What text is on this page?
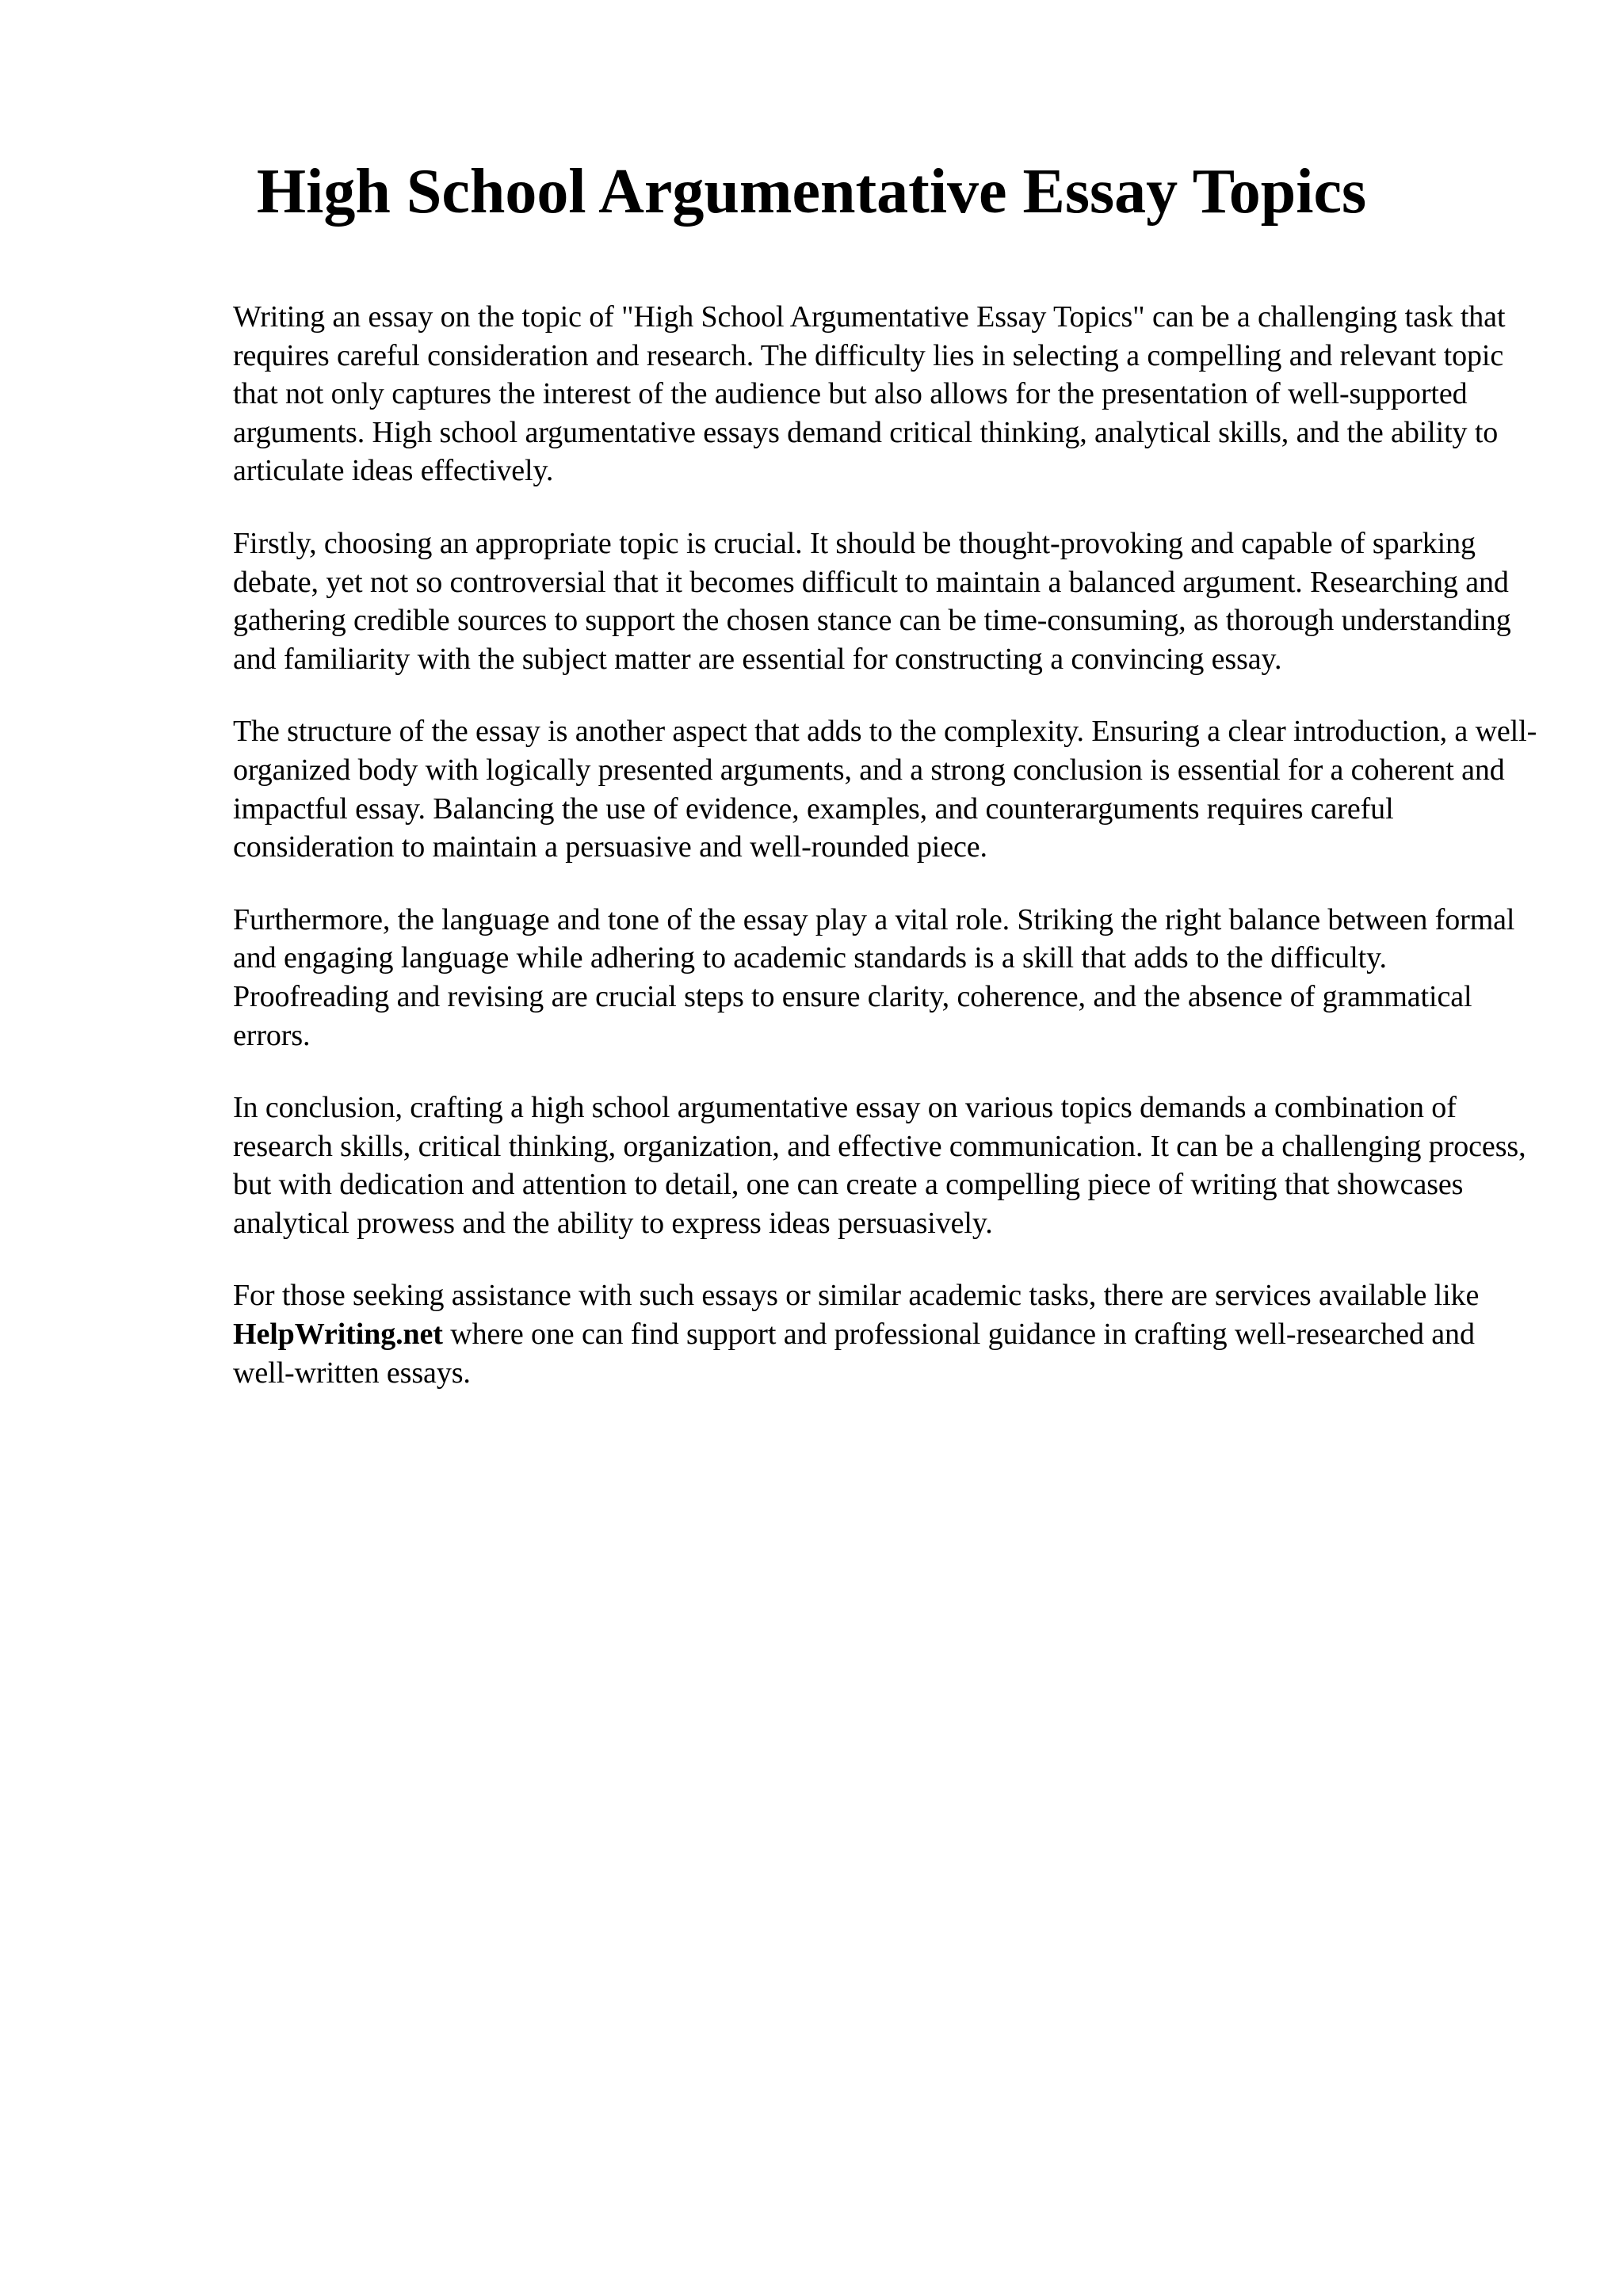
High School Argumentative Essay Topics

Writing an essay on the topic of "High School Argumentative Essay Topics" can be a challenging task that requires careful consideration and research. The difficulty lies in selecting a compelling and relevant topic that not only captures the interest of the audience but also allows for the presentation of well-supported arguments. High school argumentative essays demand critical thinking, analytical skills, and the ability to articulate ideas effectively.

Firstly, choosing an appropriate topic is crucial. It should be thought-provoking and capable of sparking debate, yet not so controversial that it becomes difficult to maintain a balanced argument. Researching and gathering credible sources to support the chosen stance can be time-consuming, as thorough understanding and familiarity with the subject matter are essential for constructing a convincing essay.

The structure of the essay is another aspect that adds to the complexity. Ensuring a clear introduction, a well-organized body with logically presented arguments, and a strong conclusion is essential for a coherent and impactful essay. Balancing the use of evidence, examples, and counterarguments requires careful consideration to maintain a persuasive and well-rounded piece.

Furthermore, the language and tone of the essay play a vital role. Striking the right balance between formal and engaging language while adhering to academic standards is a skill that adds to the difficulty. Proofreading and revising are crucial steps to ensure clarity, coherence, and the absence of grammatical errors.

In conclusion, crafting a high school argumentative essay on various topics demands a combination of research skills, critical thinking, organization, and effective communication. It can be a challenging process, but with dedication and attention to detail, one can create a compelling piece of writing that showcases analytical prowess and the ability to express ideas persuasively.

For those seeking assistance with such essays or similar academic tasks, there are services available like HelpWriting.net where one can find support and professional guidance in crafting well-researched and well-written essays.
